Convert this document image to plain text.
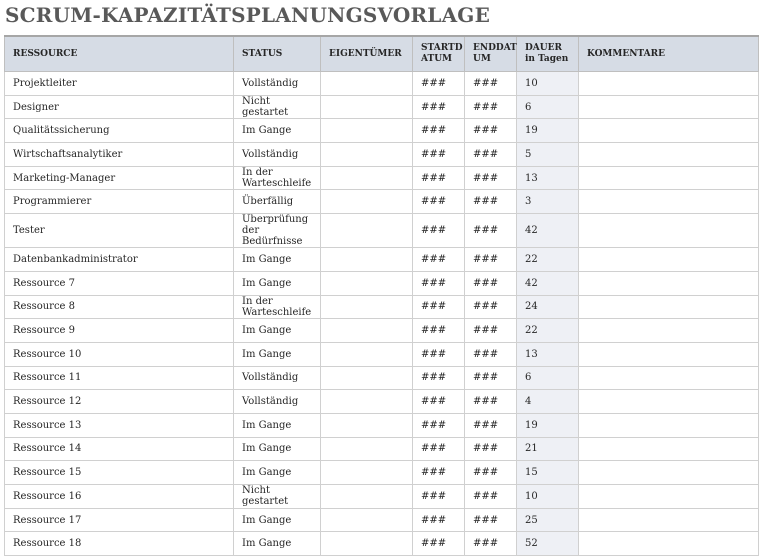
SCRUM-KAPAZITÄTSPLANUNGSVORLAGE
RESSOURCE	STATUS	EIGENTÜMER	STARTD ATUM	ENDDAT UM	DAUER in Tagen	KOMMENTARE
Projektleiter	Vollständig		###	###	10	
Designer	Nicht gestartet		###	###	6	
Qualitätssicherung	Im Gange		###	###	19	
Wirtschaftsanalytiker	Vollständig		###	###	5	
Marketing-Manager	In der Warteschleife		###	###	13	
Programmierer	Überfällig		###	###	3	
Tester	Überprüfung der Bedürfnisse		###	###	42	
Datenbankadministrator	Im Gange		###	###	22	
Ressource 7	Im Gange		###	###	42	
Ressource 8	In der Warteschleife		###	###	24	
Ressource 9	Im Gange		###	###	22	
Ressource 10	Im Gange		###	###	13	
Ressource 11	Vollständig		###	###	6	
Ressource 12	Vollständig		###	###	4	
Ressource 13	Im Gange		###	###	19	
Ressource 14	Im Gange		###	###	21	
Ressource 15	Im Gange		###	###	15	
Ressource 16	Nicht gestartet		###	###	10	
Ressource 17	Im Gange		###	###	25	
Ressource 18	Im Gange		###	###	52	
